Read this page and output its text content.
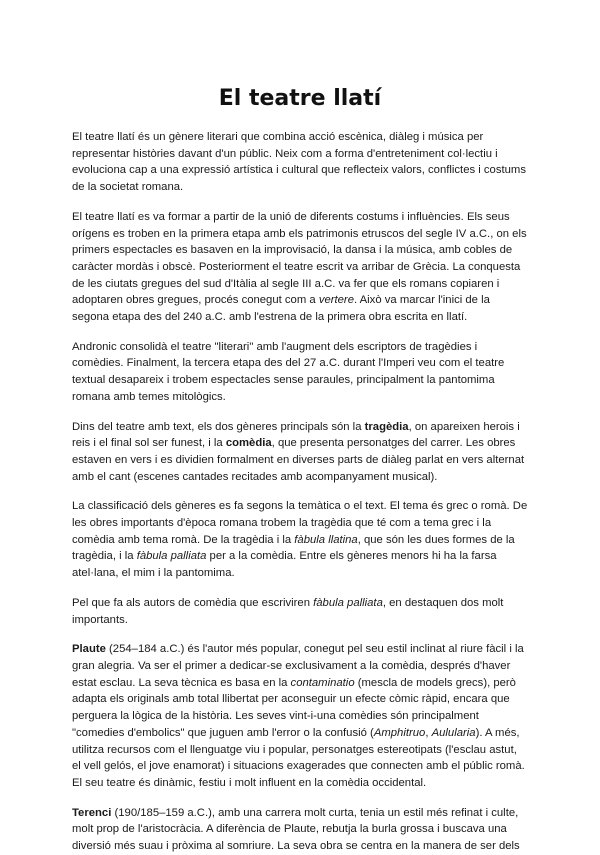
El teatre llatí

El teatre llatí és un gènere literari que combina acció escènica, diàleg i música per representar històries davant d'un públic. Neix com a forma d'entreteniment col·lectiu i evoluciona cap a una expressió artística i cultural que reflecteix valors, conflictes i costums de la societat romana.

El teatre llatí es va formar a partir de la unió de diferents costums i influències. Els seus orígens es troben en la primera etapa amb els patrimonis etruscos del segle IV a.C., on els primers espectacles es basaven en la improvisació, la dansa i la música, amb cobles de caràcter mordàs i obscè. Posteriorment el teatre escrit va arribar de Grècia. La conquesta de les ciutats gregues del sud d'Itàlia al segle III a.C. va fer que els romans copiaren i adoptaren obres gregues, procés conegut com a vertere. Això va marcar l'inici de la segona etapa des del 240 a.C. amb l'estrena de la primera obra escrita en llatí.

Andronic consolidà el teatre "literari" amb l'augment dels escriptors de tragèdies i comèdies. Finalment, la tercera etapa des del 27 a.C. durant l'Imperi veu com el teatre textual desapareix i trobem espectacles sense paraules, principalment la pantomima romana amb temes mitològics.

Dins del teatre amb text, els dos gèneres principals són la tragèdia, on apareixen herois i reis i el final sol ser funest, i la comèdia, que presenta personatges del carrer. Les obres estaven en vers i es dividien formalment en diverses parts de diàleg parlat en vers alternat amb el cant (escenes cantades recitades amb acompanyament musical).

La classificació dels gèneres es fa segons la temàtica o el text. El tema és grec o romà. De les obres importants d'època romana trobem la tragèdia que té com a tema grec i la comèdia amb tema romà. De la tragèdia i la fàbula llatina, que són les dues formes de la tragèdia, i la fàbula palliata per a la comèdia. Entre els gèneres menors hi ha la farsa atel·lana, el mim i la pantomima.

Pel que fa als autors de comèdia que escriviren fàbula palliata, en destaquen dos molt importants.

Plaute (254–184 a.C.) és l'autor més popular, conegut pel seu estil inclinat al riure fàcil i la gran alegria. Va ser el primer a dedicar-se exclusivament a la comèdia, després d'haver estat esclau. La seva tècnica es basa en la contaminatio (mescla de models grecs), però adapta els originals amb total llibertat per aconseguir un efecte còmic ràpid, encara que perguera la lògica de la història. Les seves vint-i-una comèdies són principalment "comedies d'embolics" que juguen amb l'error o la confusió (Amphitruo, Aulularia). A més, utilitza recursos com el llenguatge viu i popular, personatges estereotipats (l'esclau astut, el vell gelós, el jove enamorat) i situacions exagerades que connecten amb el públic romà. El seu teatre és dinàmic, festiu i molt influent en la comèdia occidental.

Terenci (190/185–159 a.C.), amb una carrera molt curta, tenia un estil més refinat i culte, molt prop de l'aristocràcia. A diferència de Plaute, rebutja la burla grossa i buscava una diversió més suau i pròxima al somriure. La seva obra se centra en la manera de ser dels
